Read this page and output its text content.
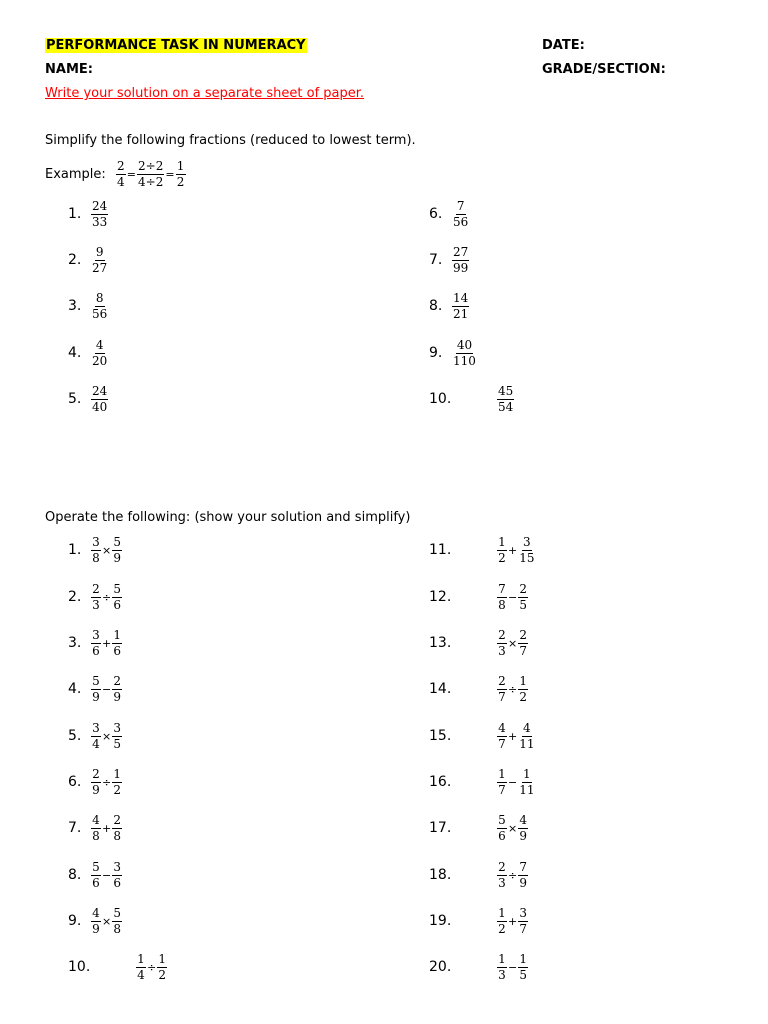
PERFORMANCE TASK IN NUMERACY	DATE:
NAME:	GRADE/SECTION:
Write your solution on a separate sheet of paper.
Simplify the following fractions (reduced to lowest term).
Example: $\frac{2}{4} = \frac{2\div 2}{4\div 2} = \frac{1}{2}$
1. $\frac{24}{33}$
2. $\frac{9}{27}$
3. $\frac{8}{56}$
4. $\frac{4}{20}$
5. $\frac{24}{40}$
6. $\frac{7}{56}$
7. $\frac{27}{99}$
8. $\frac{14}{21}$
9. $\frac{40}{110}$
10.	$\frac{45}{54}$
Operate the following: (show your solution and simplify)
1. $\frac{3}{8} \times \frac{5}{9}$
2. $\frac{2}{3} \div \frac{5}{6}$
3. $\frac{3}{6} + \frac{1}{6}$
4. $\frac{5}{9} - \frac{2}{9}$
5. $\frac{3}{4} \times \frac{3}{5}$
6. $\frac{2}{9} \div \frac{1}{2}$
7. $\frac{4}{8} + \frac{2}{8}$
8. $\frac{5}{6} - \frac{3}{6}$
9. $\frac{4}{9} \times \frac{5}{8}$
10.	$\frac{1}{4} \div \frac{1}{2}$
11.	$\frac{1}{2} + \frac{3}{15}$
12.	$\frac{7}{8} - \frac{2}{5}$
13.	$\frac{2}{3} \times \frac{2}{7}$
14.	$\frac{2}{7} \div \frac{1}{2}$
15.	$\frac{4}{7} + \frac{4}{11}$
16.	$\frac{1}{7} - \frac{1}{11}$
17.	$\frac{5}{6} \times \frac{4}{9}$
18.	$\frac{2}{3} \div \frac{7}{9}$
19.	$\frac{1}{2} + \frac{3}{7}$
20.	$\frac{1}{3} - \frac{1}{5}$
